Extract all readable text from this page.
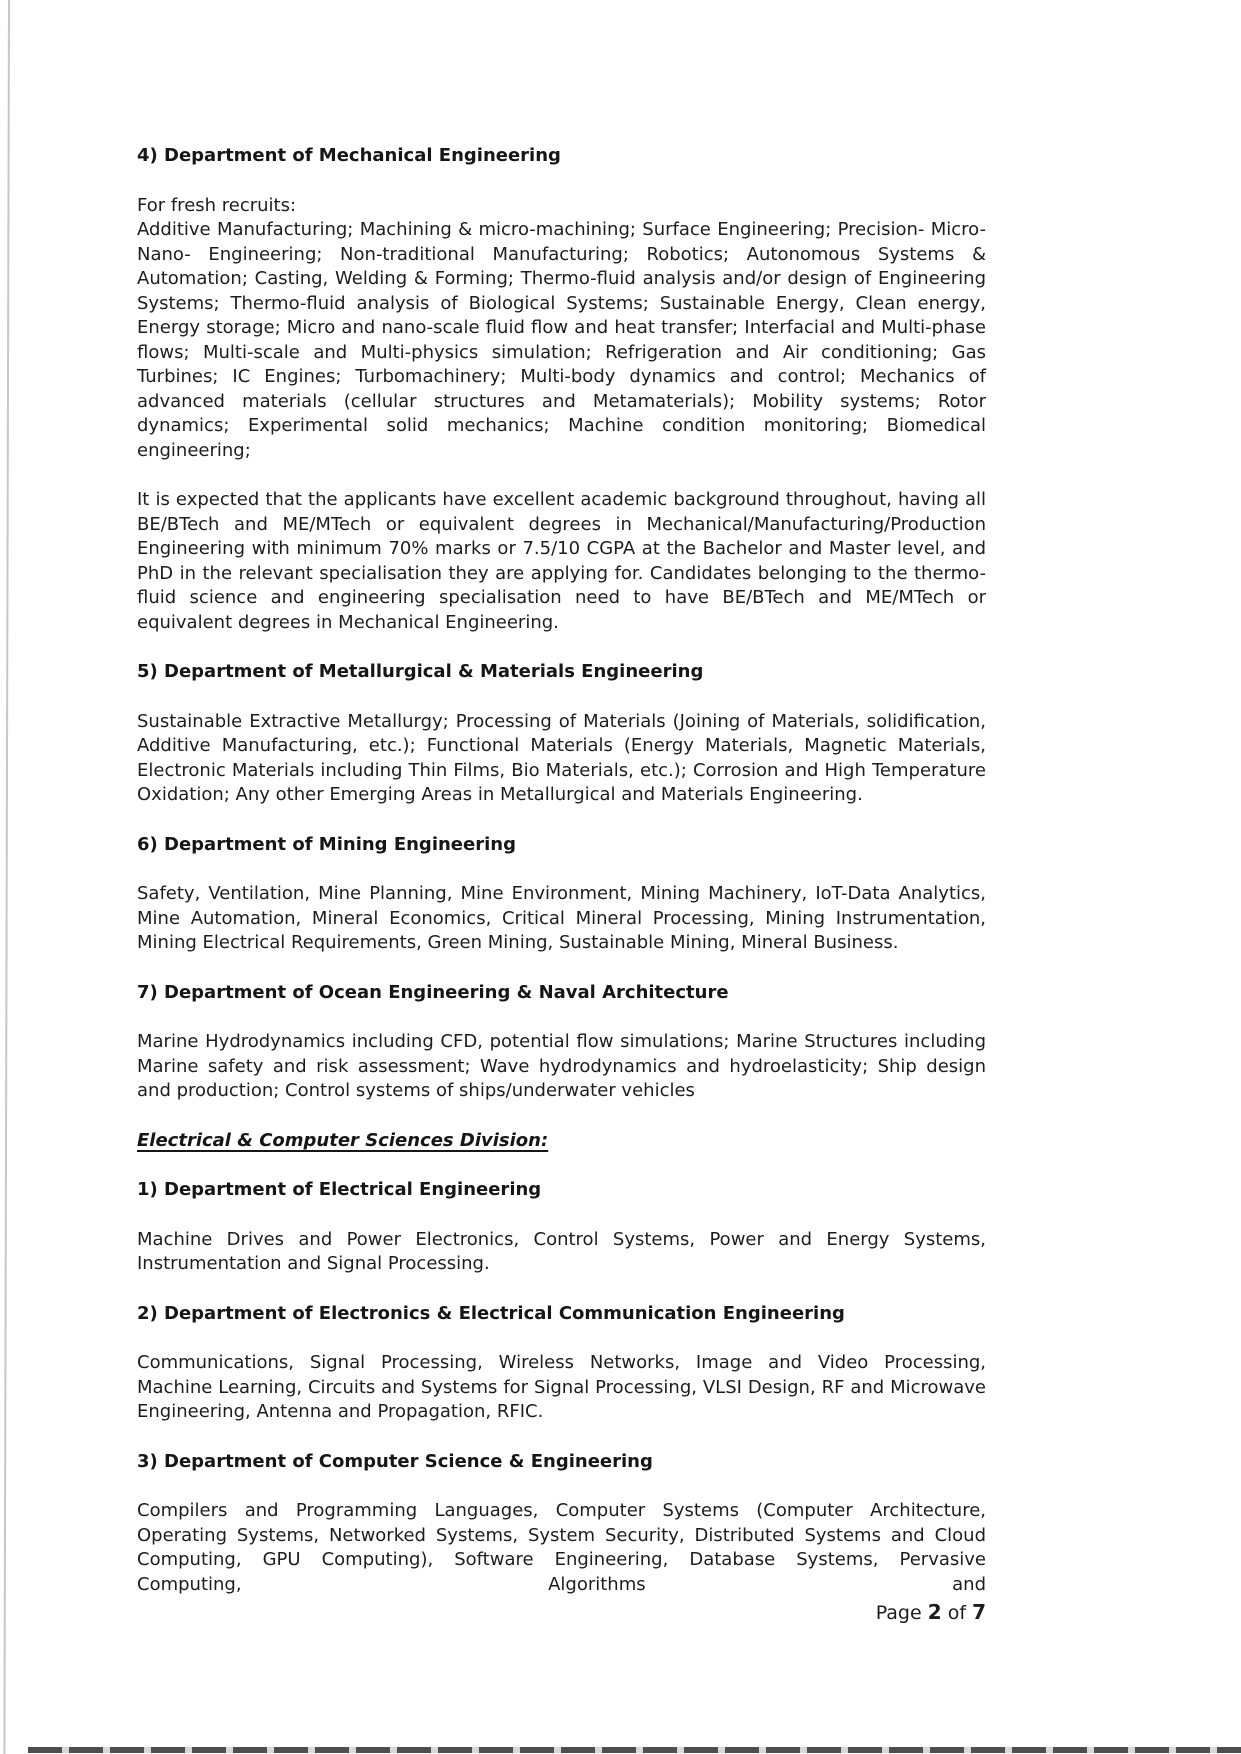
4) Department of Mechanical Engineering
For fresh recruits:
Additive Manufacturing; Machining & micro-machining; Surface Engineering; Precision- Micro- Nano- Engineering; Non-traditional Manufacturing; Robotics; Autonomous Systems & Automation; Casting, Welding & Forming; Thermo-fluid analysis and/or design of Engineering Systems; Thermo-fluid analysis of Biological Systems; Sustainable Energy, Clean energy, Energy storage; Micro and nano-scale fluid flow and heat transfer; Interfacial and Multi-phase flows; Multi-scale and Multi-physics simulation; Refrigeration and Air conditioning; Gas Turbines; IC Engines; Turbomachinery; Multi-body dynamics and control; Mechanics of advanced materials (cellular structures and Metamaterials); Mobility systems; Rotor dynamics; Experimental solid mechanics; Machine condition monitoring; Biomedical engineering;
It is expected that the applicants have excellent academic background throughout, having all BE/BTech and ME/MTech or equivalent degrees in Mechanical/Manufacturing/Production Engineering with minimum 70% marks or 7.5/10 CGPA at the Bachelor and Master level, and PhD in the relevant specialisation they are applying for. Candidates belonging to the thermo-fluid science and engineering specialisation need to have BE/BTech and ME/MTech or equivalent degrees in Mechanical Engineering.
5) Department of Metallurgical & Materials Engineering
Sustainable Extractive Metallurgy; Processing of Materials (Joining of Materials, solidification, Additive Manufacturing, etc.); Functional Materials (Energy Materials, Magnetic Materials, Electronic Materials including Thin Films, Bio Materials, etc.); Corrosion and High Temperature Oxidation; Any other Emerging Areas in Metallurgical and Materials Engineering.
6) Department of Mining Engineering
Safety, Ventilation, Mine Planning, Mine Environment, Mining Machinery, IoT-Data Analytics, Mine Automation, Mineral Economics, Critical Mineral Processing, Mining Instrumentation, Mining Electrical Requirements, Green Mining, Sustainable Mining, Mineral Business.
7) Department of Ocean Engineering & Naval Architecture
Marine Hydrodynamics including CFD, potential flow simulations; Marine Structures including Marine safety and risk assessment; Wave hydrodynamics and hydroelasticity; Ship design and production; Control systems of ships/underwater vehicles
Electrical & Computer Sciences Division:
1) Department of Electrical Engineering
Machine Drives and Power Electronics, Control Systems, Power and Energy Systems, Instrumentation and Signal Processing.
2) Department of Electronics & Electrical Communication Engineering
Communications, Signal Processing, Wireless Networks, Image and Video Processing, Machine Learning, Circuits and Systems for Signal Processing, VLSI Design, RF and Microwave Engineering, Antenna and Propagation, RFIC.
3) Department of Computer Science & Engineering
Compilers and Programming Languages, Computer Systems (Computer Architecture, Operating Systems, Networked Systems, System Security, Distributed Systems and Cloud Computing, GPU Computing), Software Engineering, Database Systems, Pervasive Computing, Algorithms and
Page 2 of 7
